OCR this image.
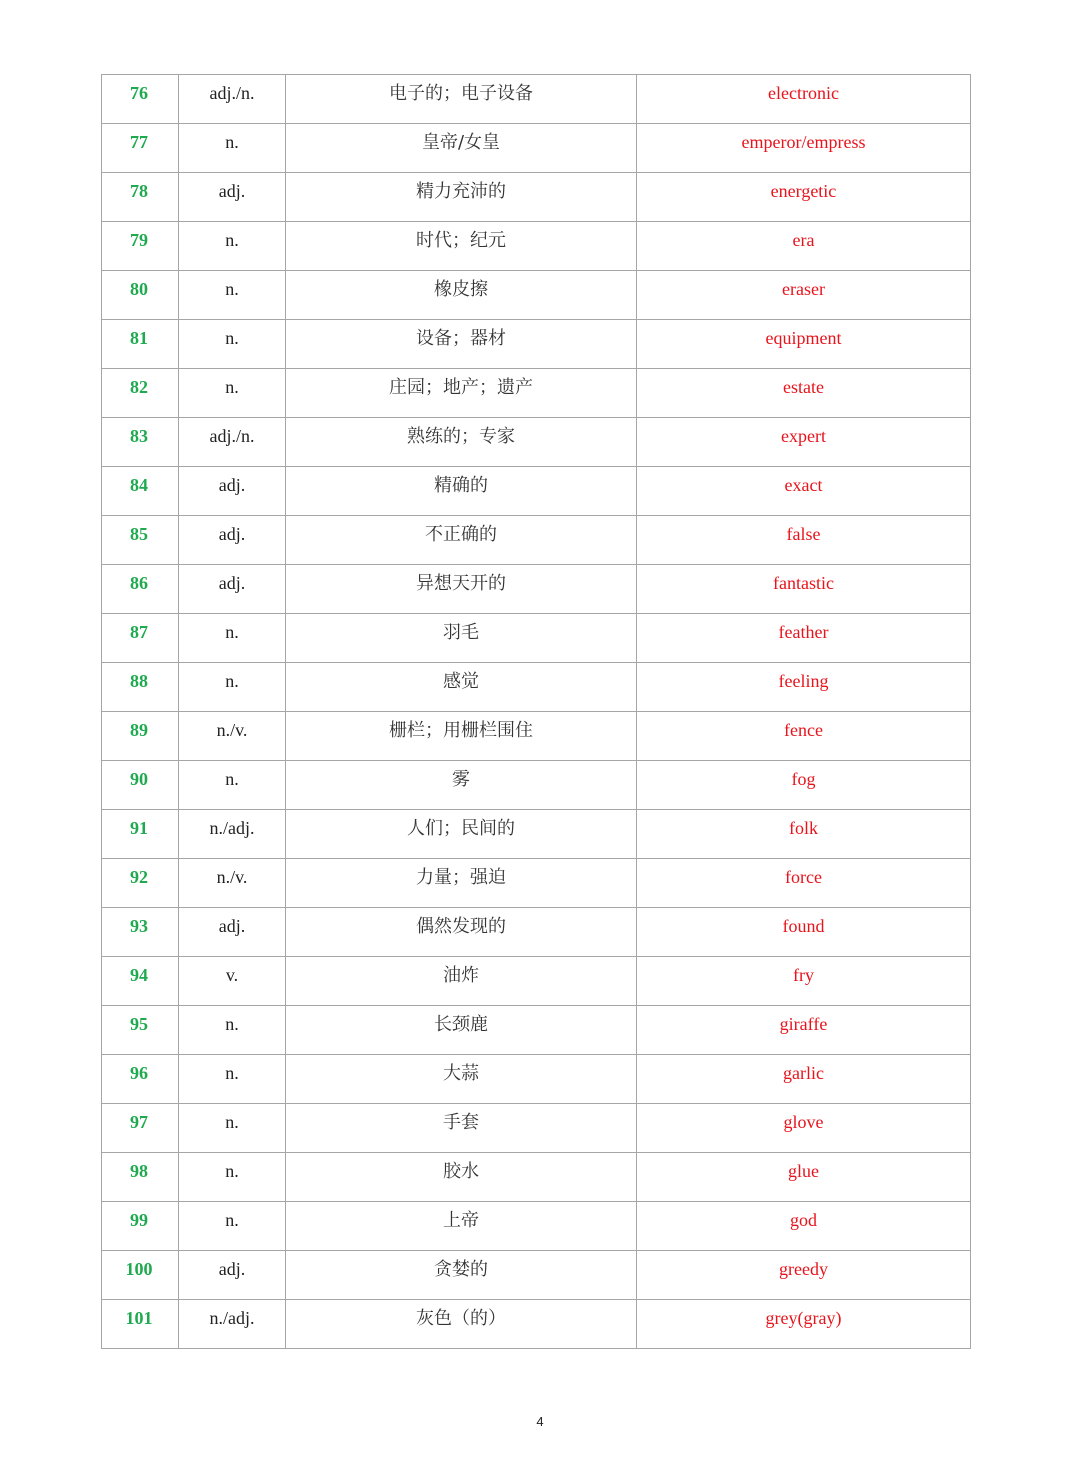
76	adj./n.	电子的；电子设备	electronic

77	n.	皇帝/女皇	emperor/empress

78	adj.	精力充沛的	energetic

79	n.	时代；纪元	era

80	n.	橡皮擦	eraser

81	n.	设备；器材	equipment

82	n.	庄园；地产；遗产	estate

83	adj./n.	熟练的；专家	expert

84	adj.	精确的	exact

85	adj.	不正确的	false

86	adj.	异想天开的	fantastic

87	n.	羽毛	feather

88	n.	感觉	feeling

89	n./v.	栅栏；用栅栏围住	fence

90	n.	雾	fog

91	n./adj.	人们；民间的	folk

92	n./v.	力量；强迫	force

93	adj.	偶然发现的	found

94	v.	油炸	fry

95	n.	长颈鹿	giraffe

96	n.	大蒜	garlic

97	n.	手套	glove

98	n.	胶水	glue

99	n.	上帝	god

100	adj.	贪婪的	greedy

101	n./adj.	灰色（的）	grey(gray)
4
